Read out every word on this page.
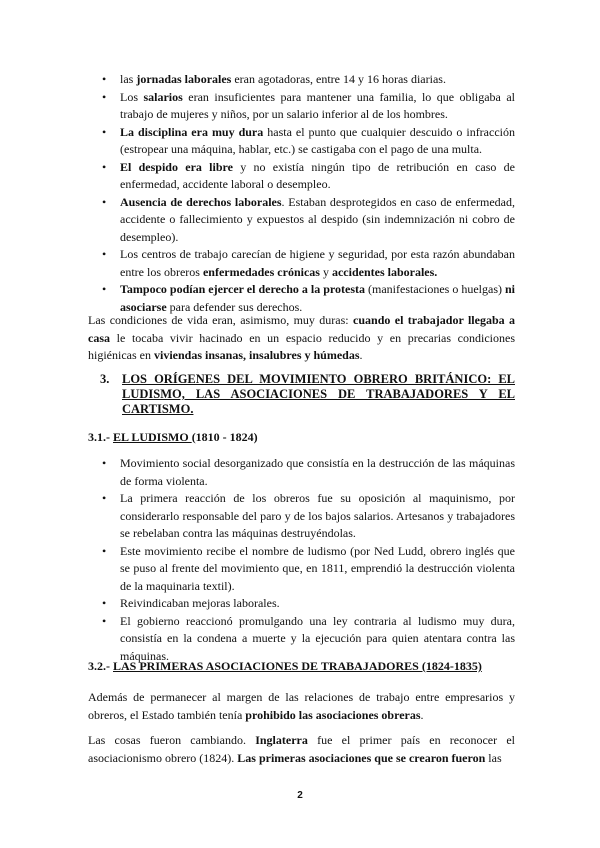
• las jornadas laborales eran agotadoras, entre 14 y 16 horas diarias.
• Los salarios eran insuficientes para mantener una familia, lo que obligaba al trabajo de mujeres y niños, por un salario inferior al de los hombres.
• La disciplina era muy dura hasta el punto que cualquier descuido o infracción (estropear una máquina, hablar, etc.) se castigaba con el pago de una multa.
• El despido era libre y no existía ningún tipo de retribución en caso de enfermedad, accidente laboral o desempleo.
• Ausencia de derechos laborales. Estaban desprotegidos en caso de enfermedad, accidente o fallecimiento y expuestos al despido (sin indemnización ni cobro de desempleo).
• Los centros de trabajo carecían de higiene y seguridad, por esta razón abundaban entre los obreros enfermedades crónicas y accidentes laborales.
• Tampoco podían ejercer el derecho a la protesta (manifestaciones o huelgas) ni asociarse para defender sus derechos.
Las condiciones de vida eran, asimismo, muy duras: cuando el trabajador llegaba a casa le tocaba vivir hacinado en un espacio reducido y en precarias condiciones higiénicas en viviendas insanas, insalubres y húmedas.
3.	LOS ORÍGENES DEL MOVIMIENTO OBRERO BRITÁNICO: EL LUDISMO, LAS ASOCIACIONES DE TRABAJADORES Y EL CARTISMO.
3.1.- EL LUDISMO (1810 - 1824)
• Movimiento social desorganizado que consistía en la destrucción de las máquinas de forma violenta.
• La primera reacción de los obreros fue su oposición al maquinismo, por considerarlo responsable del paro y de los bajos salarios. Artesanos y trabajadores se rebelaban contra las máquinas destruyéndolas.
• Este movimiento recibe el nombre de ludismo (por Ned Ludd, obrero inglés que se puso al frente del movimiento que, en 1811, emprendió la destrucción violenta de la maquinaria textil).
• Reivindicaban mejoras laborales.
• El gobierno reaccionó promulgando una ley contraria al ludismo muy dura, consistía en la condena a muerte y la ejecución para quien atentara contra las máquinas.
3.2.- LAS PRIMERAS ASOCIACIONES DE TRABAJADORES (1824-1835)
Además de permanecer al margen de las relaciones de trabajo entre empresarios y obreros, el Estado también tenía prohibido las asociaciones obreras.
Las cosas fueron cambiando. Inglaterra fue el primer país en reconocer el asociacionismo obrero (1824). Las primeras asociaciones que se crearon fueron las
2
